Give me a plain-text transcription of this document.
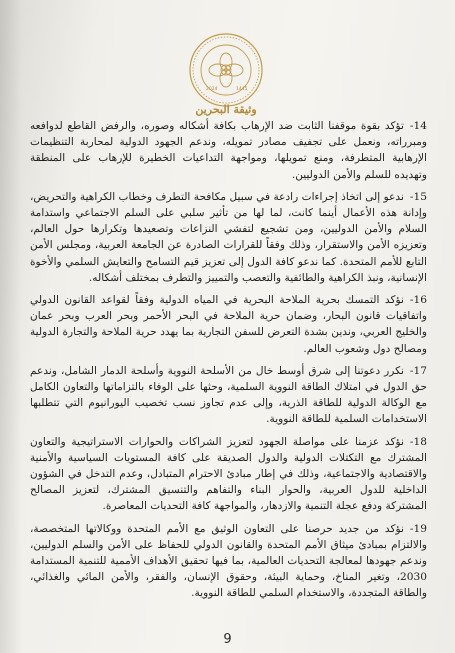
2024	1445
وثيقة البحرين

14-تؤكد بقوة موقفنا الثابت ضد الإرهاب بكافة أشكاله وصوره، والرفض القاطع لدوافعه ومبرراته، ونعمل على تجفيف مصادر تمويله، وندعم الجهود الدولية لمحاربة التنظيمات الإرهابية المتطرفة، ومنع تمويلها، ومواجهة التداعيات الخطيرة للإرهاب على المنطقة وتهديده للسلم والأمن الدوليين.

15-ندعو إلى اتخاذ إجراءات رادعة في سبيل مكافحة التطرف وخطاب الكراهية والتحريض، وإدانة هذه الأعمال أينما كانت، لما لها من تأثير سلبي على السلم الاجتماعي واستدامة السلام والأمن الدوليين، ومن تشجيع لتفشي النزاعات وتصعيدها وتكرارها حول العالم، وتعزيزه الأمن والاستقرار، وذلك وفقاً للقرارات الصادرة عن الجامعة العربية، ومجلس الأمن التابع للأمم المتحدة. كما ندعو كافة الدول إلى تعزيز قيم التسامح والتعايش السلمي والأخوة الإنسانية، ونبذ الكراهية والطائفية والتعصب والتمييز والتطرف بمختلف أشكاله.

16-نؤكد التمسك بحرية الملاحة البحرية في المياه الدولية وفقاً لقواعد القانون الدولي واتفاقيات قانون البحار، وضمان حرية الملاحة في البحر الأحمر وبحر العرب وبحر عمان والخليج العربي، وندين بشدة التعرض للسفن التجارية بما يهدد حرية الملاحة والتجارة الدولية ومصالح دول وشعوب العالم.

17-نكرر دعوتنا إلى شرق أوسط خال من الأسلحة النووية وأسلحة الدمار الشامل، وندعم حق الدول في امتلاك الطاقة النووية السلمية، وحثها على الوفاء بالتزاماتها والتعاون الكامل مع الوكالة الدولية للطاقة الذرية، وإلى عدم تجاوز نسب تخصيب اليورانيوم التي تتطلبها الاستخدامات السلمية للطاقة النووية.

18-نؤكد عزمنا على مواصلة الجهود لتعزيز الشراكات والحوارات الاستراتيجية والتعاون المشترك مع التكتلات الدولية والدول الصديقة على كافة المستويات السياسية والأمنية والاقتصادية والاجتماعية، وذلك في إطار مبادئ الاحترام المتبادل، وعدم التدخل في الشؤون الداخلية للدول العربية، والحوار البناء والتفاهم والتنسيق المشترك، لتعزيز المصالح المشتركة ودفع عجلة التنمية والازدهار، والمواجهة كافة التحديات المعاصرة.

19-نؤكد من جديد حرصنا على التعاون الوثيق مع الأمم المتحدة ووكالاتها المتخصصة، والالتزام بمبادئ ميثاق الأمم المتحدة والقانون الدولي للحفاظ على الأمن والسلم الدوليين، وندعم جهودها لمعالجة التحديات العالمية، بما فيها تحقيق الأهداف الأممية للتنمية المستدامة 2030، وتغير المناخ، وحماية البيئة، وحقوق الإنسان، والفقر، والأمن المائي والغذائي، والطاقة المتجددة، والاستخدام السلمي للطاقة النووية.

9
